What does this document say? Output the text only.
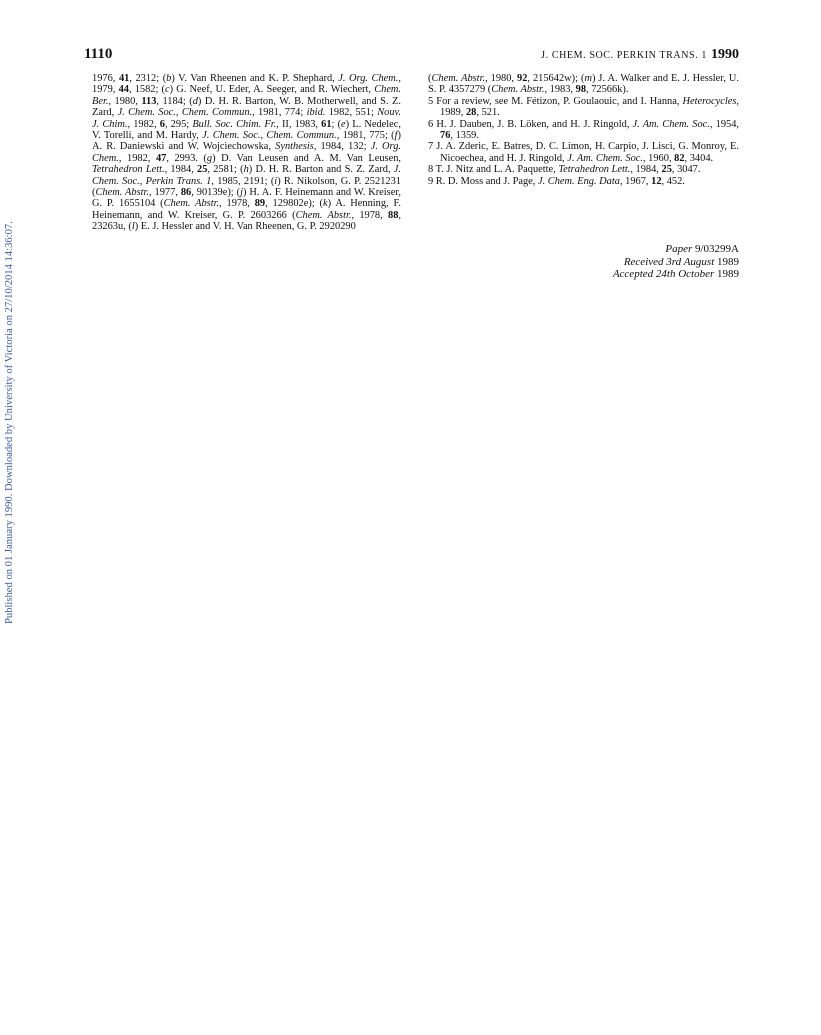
Published on 01 January 1990. Downloaded by University of Victoria on 27/10/2014 14:36:07.
1110	J. CHEM. SOC. PERKIN TRANS. 1 1990

1976, 41, 2312; (b) V. Van Rheenen and K. P. Shephard, J. Org. Chem., 1979, 44, 1582; (c) G. Neef, U. Eder, A. Seeger, and R. Wiechert, Chem. Ber., 1980, 113, 1184; (d) D. H. R. Barton, W. B. Motherwell, and S. Z. Zard, J. Chem. Soc., Chem. Commun., 1981, 774; ibid. 1982, 551; Nouv. J. Chim., 1982, 6, 295; Bull. Soc. Chim. Fr., II, 1983, 61; (e) L. Nedelec, V. Torelli, and M. Hardy, J. Chem. Soc., Chem. Commun., 1981, 775; (f) A. R. Daniewski and W. Wojciechowska, Synthesis, 1984, 132; J. Org. Chem., 1982, 47, 2993. (g) D. Van Leusen and A. M. Van Leusen, Tetrahedron Lett., 1984, 25, 2581; (h) D. H. R. Barton and S. Z. Zard, J. Chem. Soc., Perkin Trans. 1, 1985, 2191; (i) R. Nikolson, G. P. 2521231 (Chem. Abstr., 1977, 86, 90139e); (j) H. A. F. Heinemann and W. Kreiser, G. P. 1655104 (Chem. Abstr., 1978, 89, 129802e); (k) A. Henning, F. Heinemann, and W. Kreiser, G. P. 2603266 (Chem. Abstr., 1978, 88, 23263u, (l) E. J. Hessler and V. H. Van Rheenen, G. P. 2920290

(Chem. Abstr., 1980, 92, 215642w); (m) J. A. Walker and E. J. Hessler, U. S. P. 4357279 (Chem. Abstr., 1983, 98, 72566k).

5 For a review, see M. Fétizon, P. Goulaouic, and I. Hanna, Heterocycles, 1989, 28, 521.

6 H. J. Dauben, J. B. Löken, and H. J. Ringold, J. Am. Chem. Soc., 1954, 76, 1359.

7 J. A. Zderic, E. Batres, D. C. Limon, H. Carpio, J. Lisci, G. Monroy, E. Nicoechea, and H. J. Ringold, J. Am. Chem. Soc., 1960, 82, 3404.

8 T. J. Nitz and L. A. Paquette, Tetrahedron Lett., 1984, 25, 3047.

9 R. D. Moss and J. Page, J. Chem. Eng. Data, 1967, 12, 452.

Paper 9/03299A
Received 3rd August 1989
Accepted 24th October 1989
